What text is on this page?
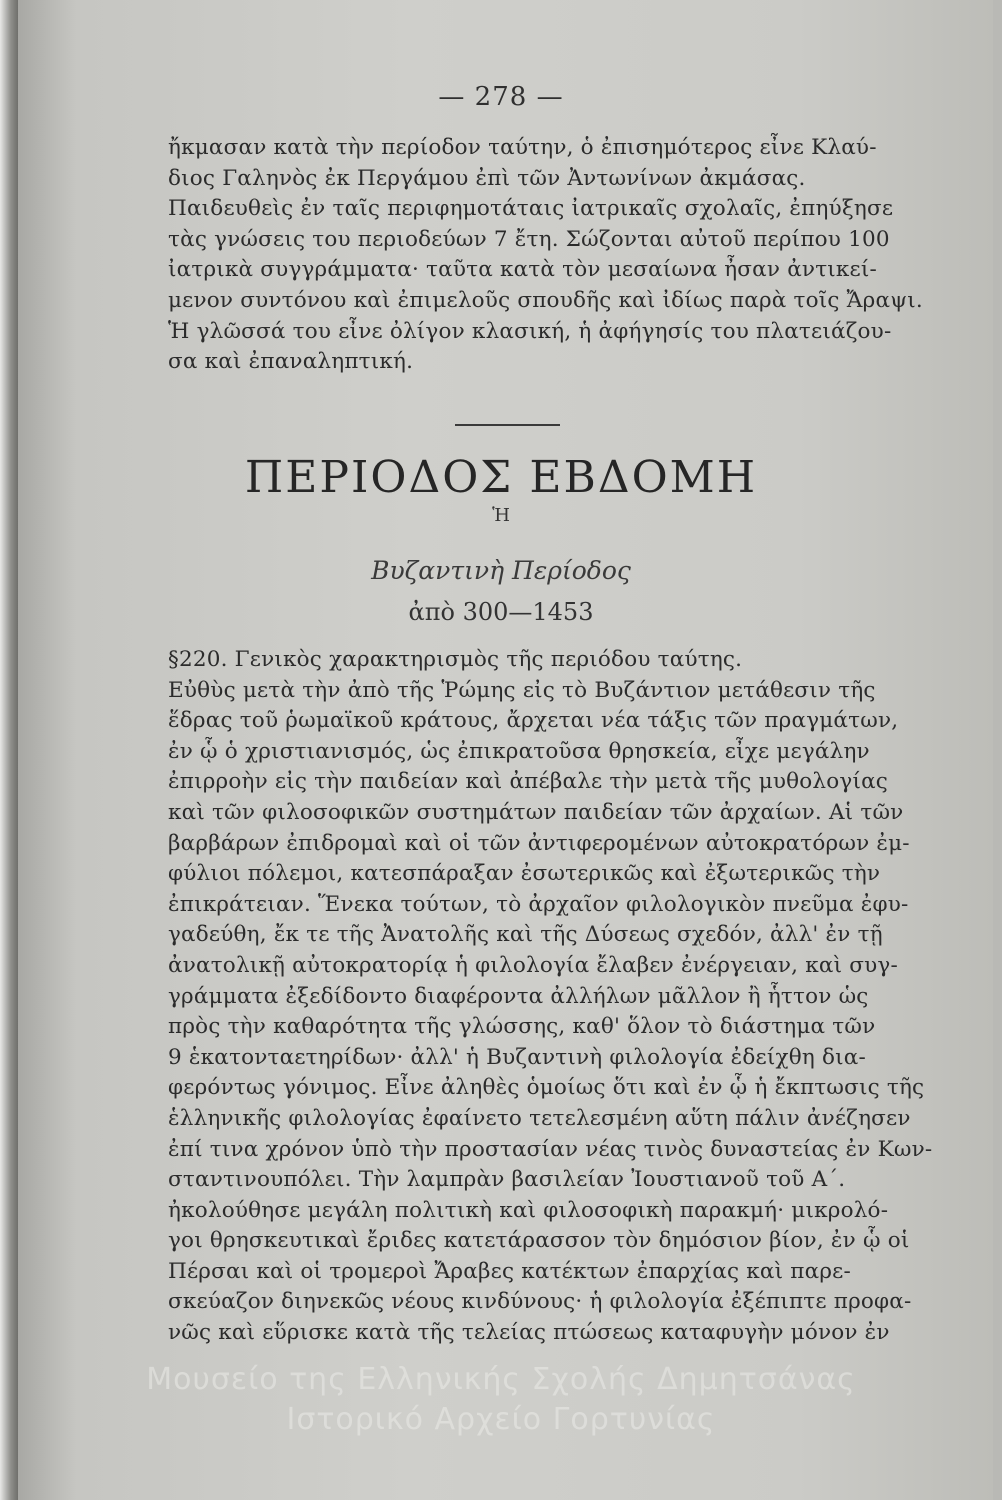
— 278 —

ἤκμασαν κατὰ τὴν περίοδον ταύτην, ὁ ἐπισημότερος εἶνε Κλαύ-
διος Γαληνὸς ἐκ Περγάμου ἐπὶ τῶν Ἀντωνίνων ἀκμάσας.
Παιδευθεὶς ἐν ταῖς περιφημοτάταις ἰατρικαῖς σχολαῖς, ἐπηύξησε
τὰς γνώσεις του περιοδεύων 7 ἔτη. Σώζονται αὐτοῦ περίπου 100
ἰατρικὰ συγγράμματα· ταῦτα κατὰ τὸν μεσαίωνα ἦσαν ἀντικεί-
μενον συντόνου καὶ ἐπιμελοῦς σπουδῆς καὶ ἰδίως παρὰ τοῖς Ἄραψι.
Ἡ γλῶσσά του εἶνε ὀλίγον κλασική, ἡ ἀφήγησίς του πλατειάζου-
σα καὶ ἐπαναληπτική.

ΠΕΡΙΟΔΟΣ ΕΒΔΟΜΗ
Ἡ
Βυζαντινὴ Περίοδος
ἀπὸ 300—1453

§220. Γενικὸς χαρακτηρισμὸς τῆς περιόδου ταύτης.
Εὐθὺς μετὰ τὴν ἀπὸ τῆς Ῥώμης εἰς τὸ Βυζάντιον μετάθεσιν τῆς
ἕδρας τοῦ ῥωμαϊκοῦ κράτους, ἄρχεται νέα τάξις τῶν πραγμάτων,
ἐν ᾧ ὁ χριστιανισμός, ὡς ἐπικρατοῦσα θρησκεία, εἶχε μεγάλην
ἐπιρροὴν εἰς τὴν παιδείαν καὶ ἀπέβαλε τὴν μετὰ τῆς μυθολογίας
καὶ τῶν φιλοσοφικῶν συστημάτων παιδείαν τῶν ἀρχαίων. Αἱ τῶν
βαρβάρων ἐπιδρομαὶ καὶ οἱ τῶν ἀντιφερομένων αὐτοκρατόρων ἐμ-
φύλιοι πόλεμοι, κατεσπάραξαν ἐσωτερικῶς καὶ ἐξωτερικῶς τὴν
ἐπικράτειαν. Ἕνεκα τούτων, τὸ ἀρχαῖον φιλολογικὸν πνεῦμα ἐφυ-
γαδεύθη, ἔκ τε τῆς Ἀνατολῆς καὶ τῆς Δύσεως σχεδόν, ἀλλ' ἐν τῇ
ἀνατολικῇ αὐτοκρατορίᾳ ἡ φιλολογία ἔλαβεν ἐνέργειαν, καὶ συγ-
γράμματα ἐξεδίδοντο διαφέροντα ἀλλήλων μᾶλλον ἢ ἧττον ὡς
πρὸς τὴν καθαρότητα τῆς γλώσσης, καθ' ὅλον τὸ διάστημα τῶν
9 ἑκατονταετηρίδων· ἀλλ' ἡ Βυζαντινὴ φιλολογία ἐδείχθη δια-
φερόντως γόνιμος. Εἶνε ἀληθὲς ὁμοίως ὅτι καὶ ἐν ᾧ ἡ ἔκπτωσις τῆς
ἑλληνικῆς φιλολογίας ἐφαίνετο τετελεσμένη αὕτη πάλιν ἀνέζησεν
ἐπί τινα χρόνον ὑπὸ τὴν προστασίαν νέας τινὸς δυναστείας ἐν Κων-
σταντινουπόλει. Τὴν λαμπρὰν βασιλείαν Ἰουστιανοῦ τοῦ Α΄.
ἠκολούθησε μεγάλη πολιτικὴ καὶ φιλοσοφικὴ παρακμή· μικρολό-
γοι θρησκευτικαὶ ἔριδες κατετάρασσον τὸν δημόσιον βίον, ἐν ᾧ οἱ
Πέρσαι καὶ οἱ τρομεροὶ Ἄραβες κατέκτων ἐπαρχίας καὶ παρε-
σκεύαζον διηνεκῶς νέους κινδύνους· ἡ φιλολογία ἐξέπιπτε προφα-
νῶς καὶ εὕρισκε κατὰ τῆς τελείας πτώσεως καταφυγὴν μόνον ἐν

Μουσείο της Ελληνικής Σχολής Δημητσάνας
Ιστορικό Αρχείο Γορτυνίας
